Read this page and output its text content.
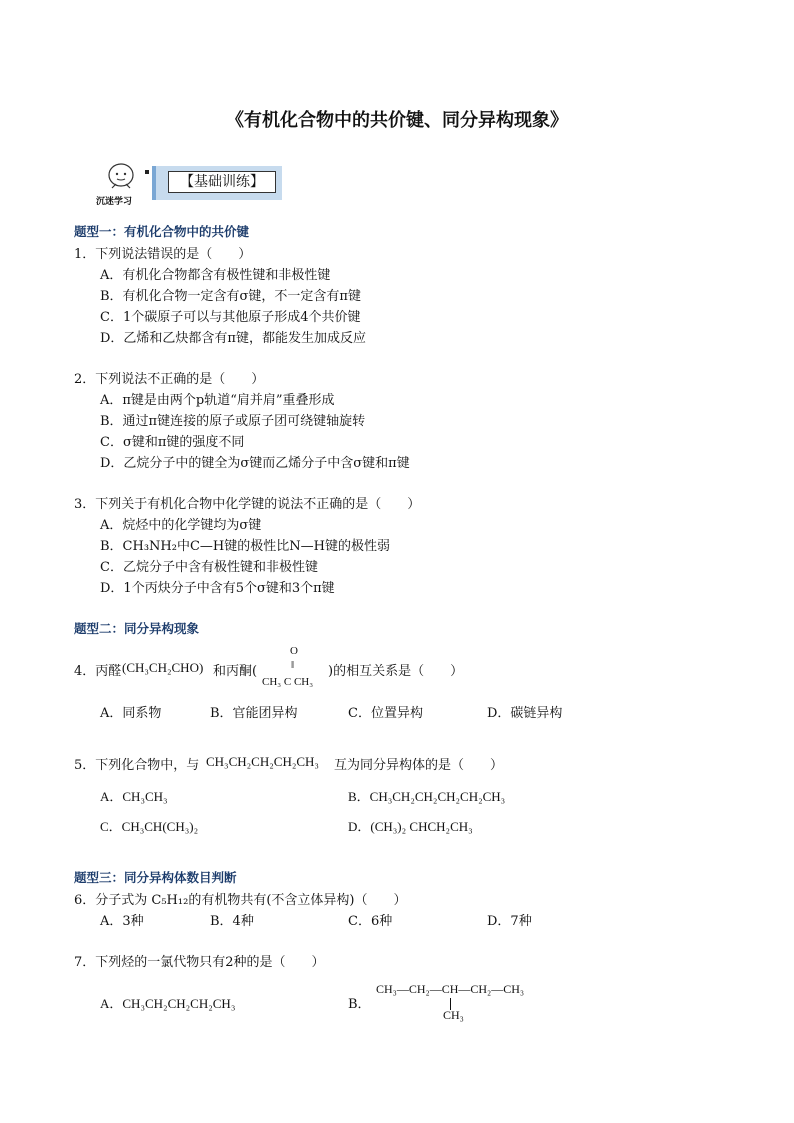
《有机化合物中的共价键、同分异构现象》
沉迷学习
【基础训练】
题型一：有机化合物中的共价键
1．下列说法错误的是（　　）
A．有机化合物都含有极性键和非极性键
B．有机化合物一定含有σ键，不一定含有π键
C．1个碳原子可以与其他原子形成4个共价键
D．乙烯和乙炔都含有π键，都能发生加成反应
2．下列说法不正确的是（　　）
A．π键是由两个p轨道“肩并肩”重叠形成
B．通过π键连接的原子或原子团可绕键轴旋转
C．σ键和π键的强度不同
D．乙烷分子中的键全为σ键而乙烯分子中含σ键和π键
3．下列关于有机化合物中化学键的说法不正确的是（　　）
A．烷烃中的化学键均为σ键
B．CH₃NH₂中C—H键的极性比N—H键的极性弱
C．乙烷分子中含有极性键和非极性键
D．1个丙炔分子中含有5个σ键和3个π键
题型二：同分异构现象
4．丙醛 (CH₃CH₂CHO) 和丙酮(
O
‖
CH₃ C CH₃
)的相互关系是（　　）
A．同系物	B．官能团异构	C．位置异构	D．碳链异构
5．下列化合物中，与 CH₃CH₂CH₂CH₂CH₃ 互为同分异构体的是（　　）
A．CH₃CH₃	B．CH₃CH₂CH₂CH₂CH₂CH₃
C．CH₃CH(CH₃)₂	D．(CH₃)₂ CHCH₂CH₃
题型三：同分异构体数目判断
6．分子式为 C₅H₁₂的有机物共有(不含立体异构)（　　）
A．3种	B．4种	C．6种	D．7种
7．下列烃的一氯代物只有2种的是（　　）
A．CH₃CH₂CH₂CH₂CH₃	B．
CH₃—CH₂—CH—CH₂—CH₃
CH₃
